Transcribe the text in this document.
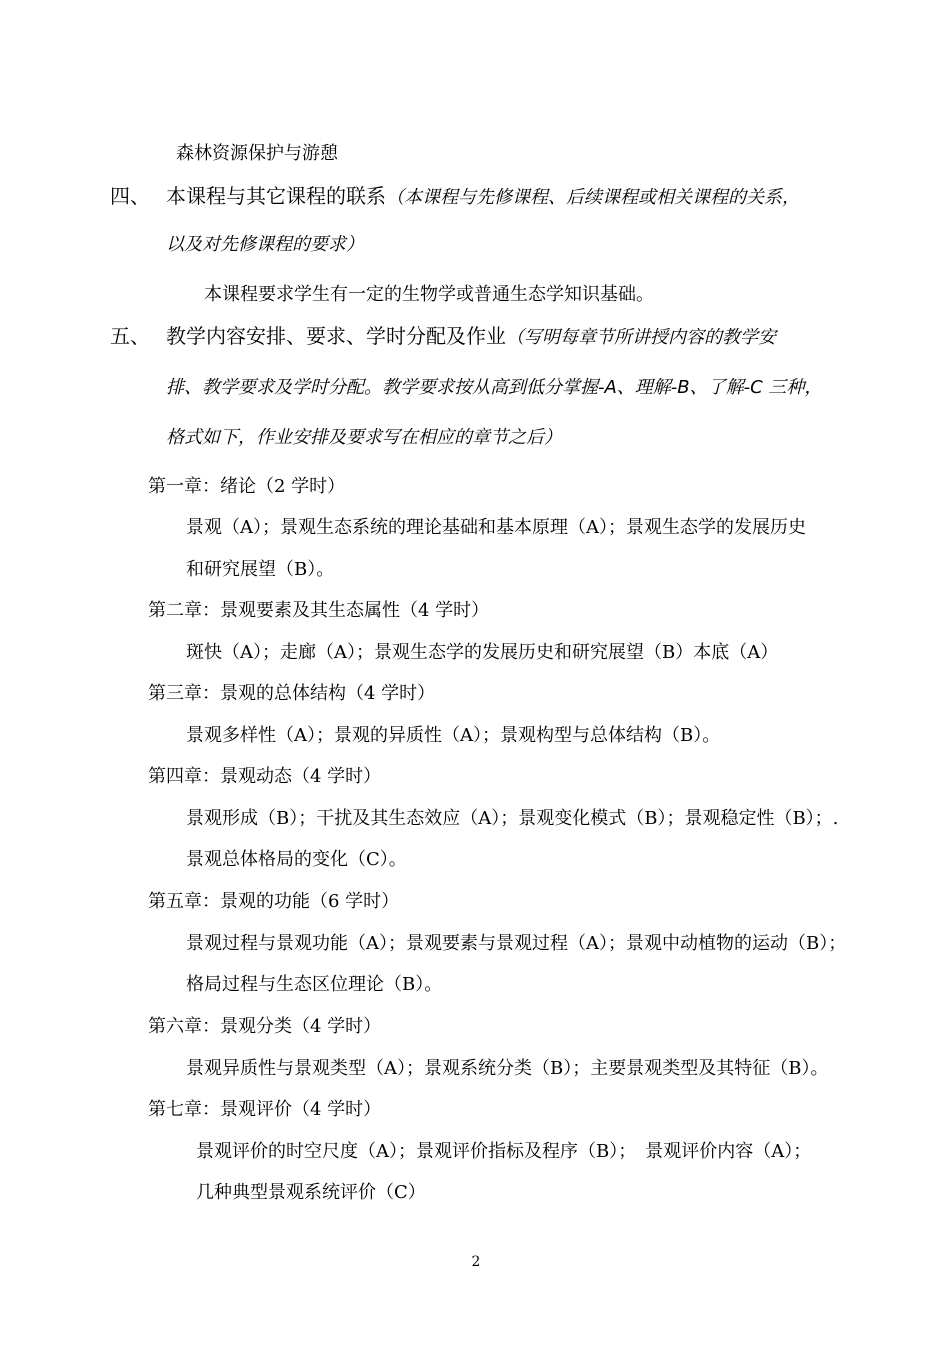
森林资源保护与游憩
四、 本课程与其它课程的联系（本课程与先修课程、后续课程或相关课程的关系，
以及对先修课程的要求）
本课程要求学生有一定的生物学或普通生态学知识基础。
五、 教学内容安排、要求、学时分配及作业（写明每章节所讲授内容的教学安
排、教学要求及学时分配。教学要求按从高到低分掌握-A、理解-B、了解-C 三种，
格式如下，作业安排及要求写在相应的章节之后）
第一章：绪论（2 学时）
景观（A）；景观生态系统的理论基础和基本原理（A）；景观生态学的发展历史
和研究展望（B）。
第二章：景观要素及其生态属性（4 学时）
斑快（A）；走廊（A）；景观生态学的发展历史和研究展望（B）本底（A）
第三章：景观的总体结构（4 学时）
景观多样性（A）；景观的异质性（A）；景观构型与总体结构（B）。
第四章：景观动态（4 学时）
景观形成（B）；干扰及其生态效应（A）；景观变化模式（B）；景观稳定性（B）；.
景观总体格局的变化（C）。
第五章：景观的功能（6 学时）
景观过程与景观功能（A）；景观要素与景观过程（A）；景观中动植物的运动（B）；
格局过程与生态区位理论（B）。
第六章：景观分类（4 学时）
景观异质性与景观类型（A）；景观系统分类（B）；主要景观类型及其特征（B）。
第七章：景观评价（4 学时）
景观评价的时空尺度（A）；景观评价指标及程序（B）；　景观评价内容（A）；
几种典型景观系统评价（C）
2
